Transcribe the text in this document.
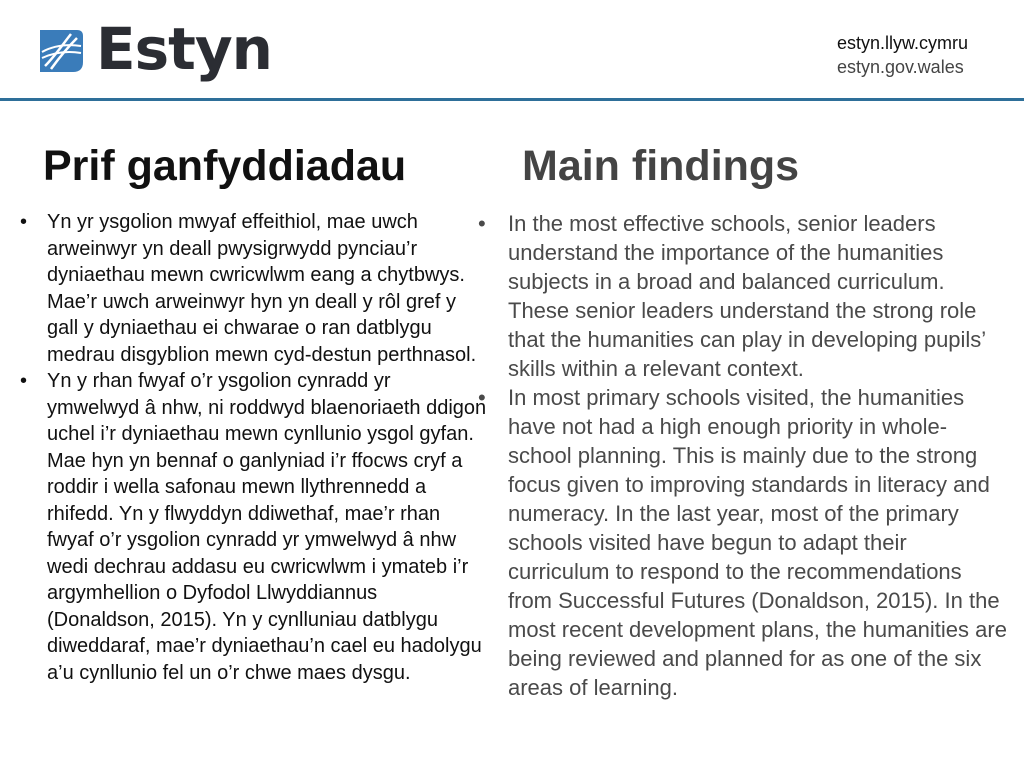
Estyn	estyn.llyw.cymru
estyn.gov.wales
Prif ganfyddiadau	Main findings
• Yn yr ysgolion mwyaf effeithiol, mae uwch arweinwyr yn deall pwysigrwydd pynciau’r dyniaethau mewn cwricwlwm eang a chytbwys. Mae’r uwch arweinwyr hyn yn deall y rôl gref y gall y dyniaethau ei chwarae o ran datblygu medrau disgyblion mewn cyd-destun perthnasol.
• Yn y rhan fwyaf o’r ysgolion cynradd yr ymwelwyd â nhw, ni roddwyd blaenoriaeth ddigon uchel i’r dyniaethau mewn cynllunio ysgol gyfan. Mae hyn yn bennaf o ganlyniad i’r ffocws cryf a roddir i wella safonau mewn llythrennedd a rhifedd. Yn y flwyddyn ddiwethaf, mae’r rhan fwyaf o’r ysgolion cynradd yr ymwelwyd â nhw wedi dechrau addasu eu cwricwlwm i ymateb i’r argymhellion o Dyfodol Llwyddiannus (Donaldson, 2015). Yn y cynlluniau datblygu diweddaraf, mae’r dyniaethau’n cael eu hadolygu a’u cynllunio fel un o’r chwe maes dysgu.
• In the most effective schools, senior leaders understand the importance of the humanities subjects in a broad and balanced curriculum. These senior leaders understand the strong role that the humanities can play in developing pupils’ skills within a relevant context.
• In most primary schools visited, the humanities have not had a high enough priority in whole-school planning. This is mainly due to the strong focus given to improving standards in literacy and numeracy. In the last year, most of the primary schools visited have begun to adapt their curriculum to respond to the recommendations from Successful Futures (Donaldson, 2015). In the most recent development plans, the humanities are being reviewed and planned for as one of the six areas of learning.
